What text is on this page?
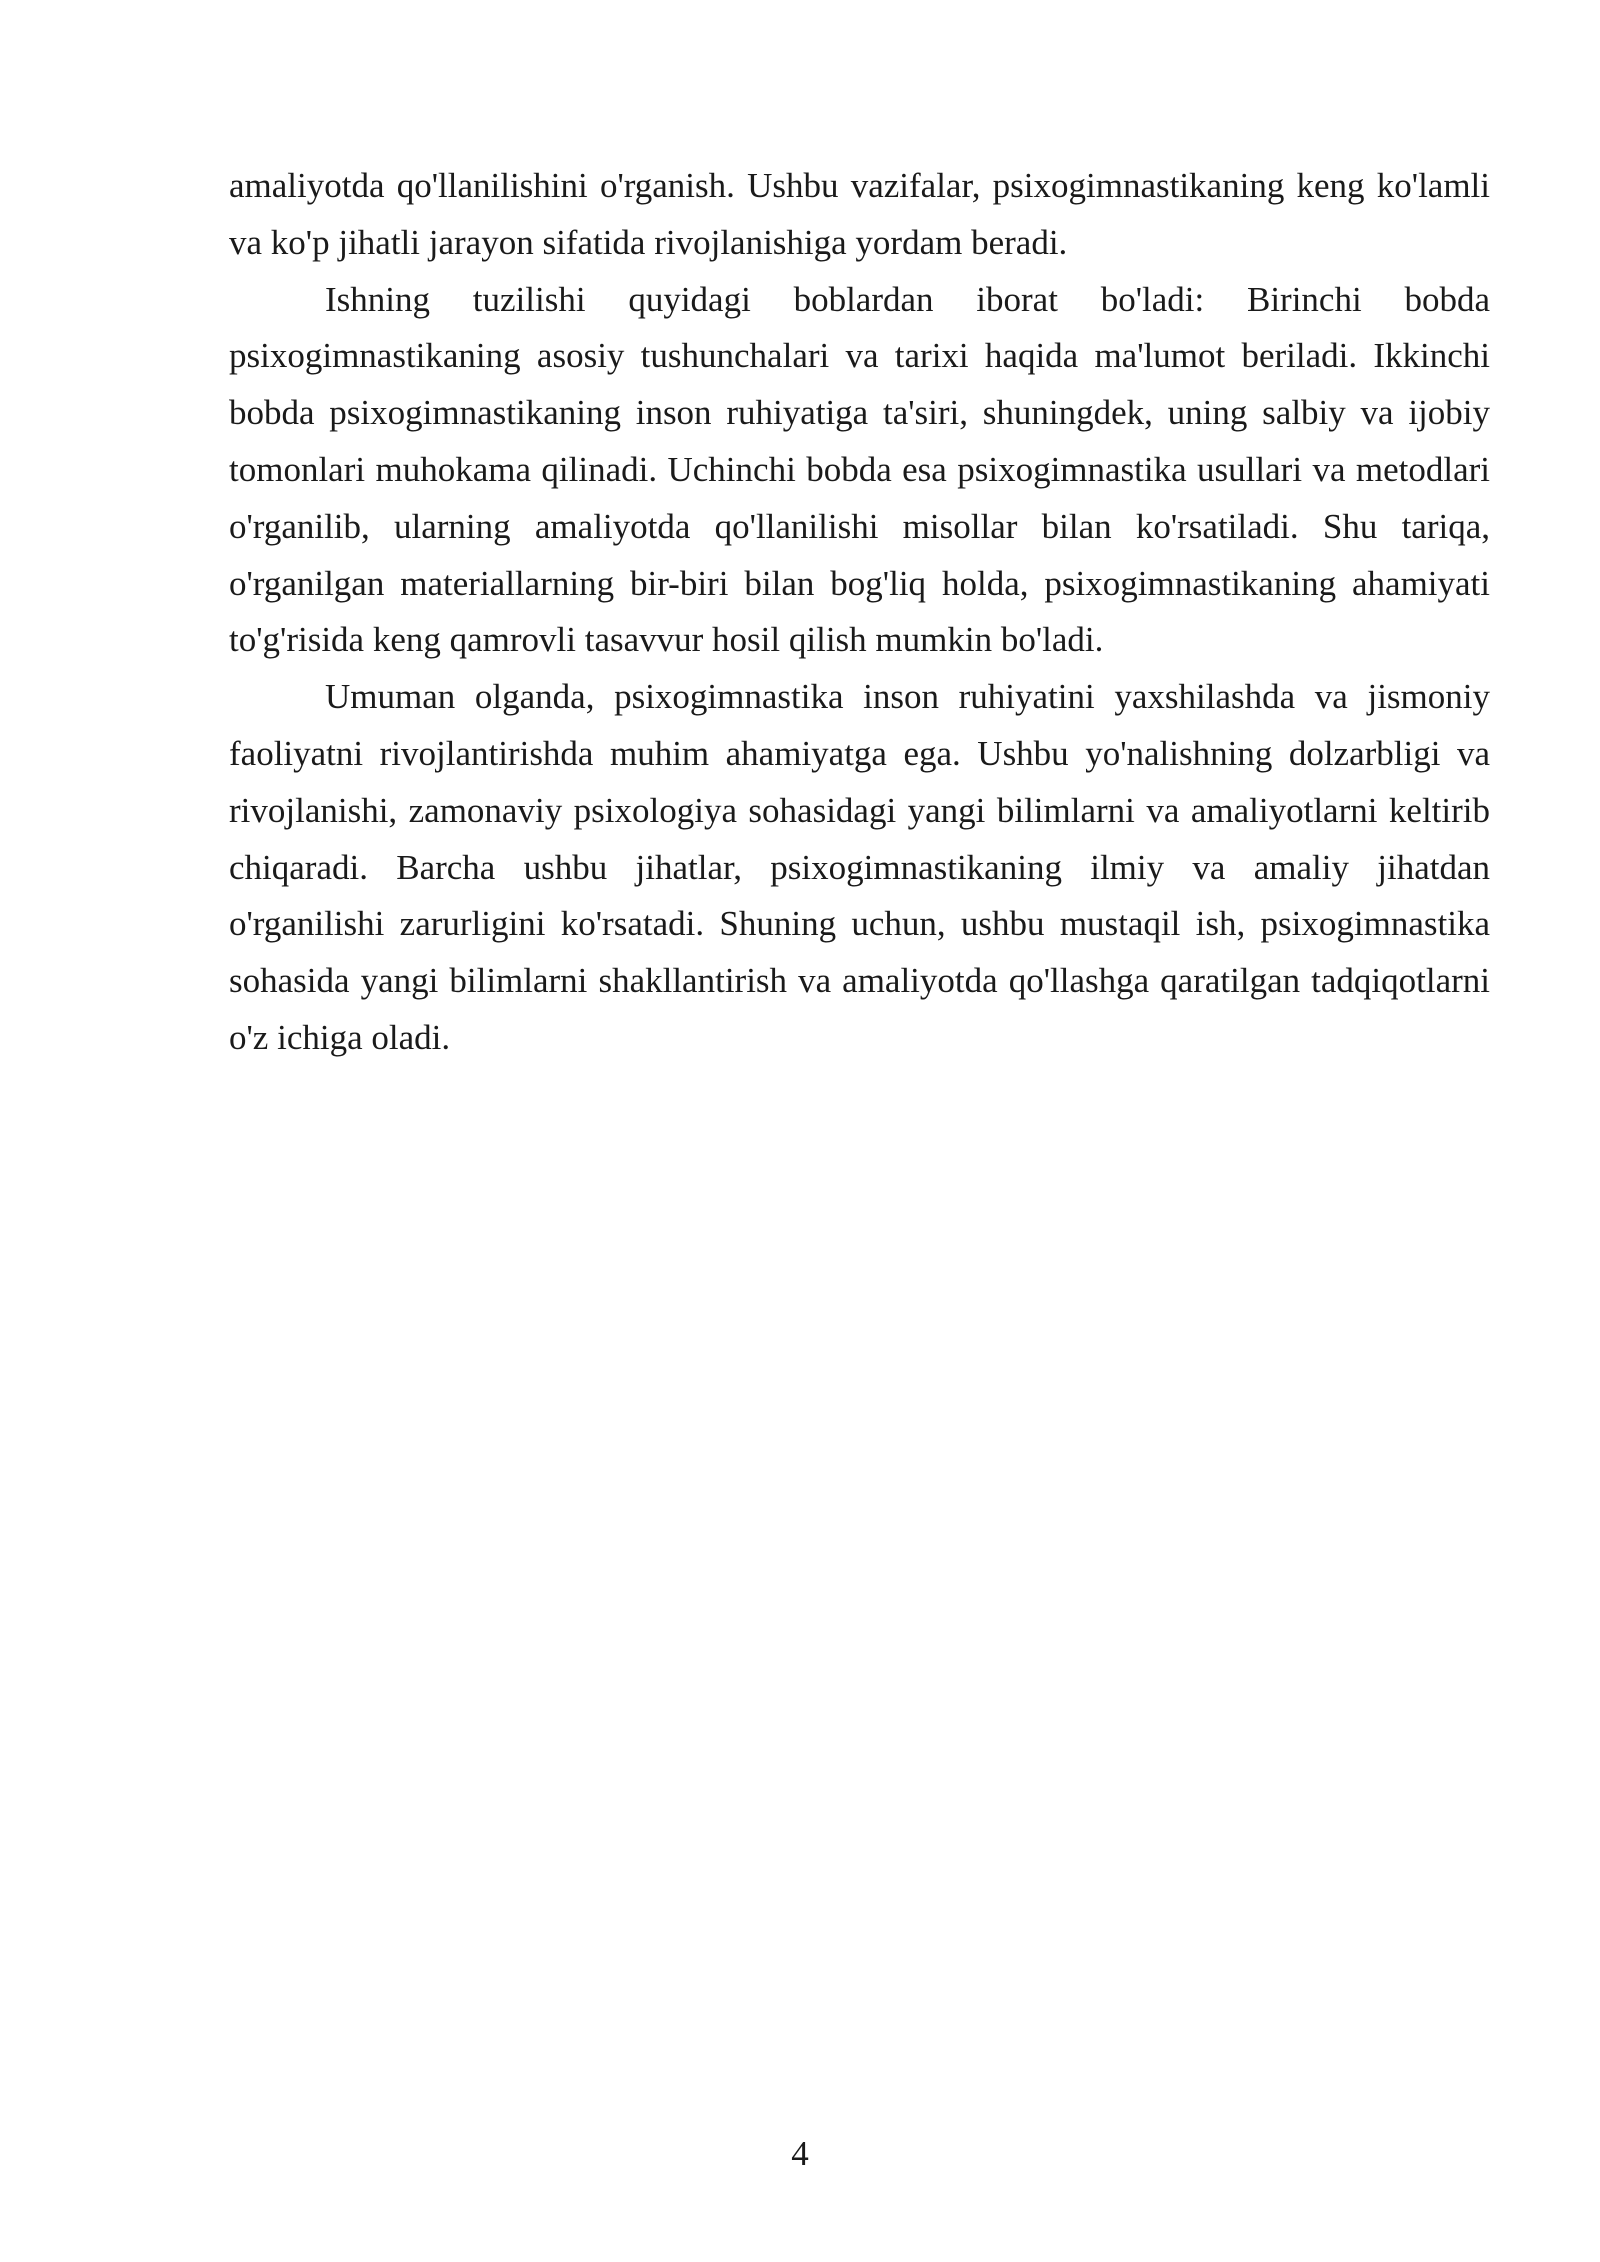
amaliyotda qo'llanilishini o'rganish. Ushbu vazifalar, psixogimnastikaning keng ko'lamli va ko'p jihatli jarayon sifatida rivojlanishiga yordam beradi.

Ishning tuzilishi quyidagi boblardan iborat bo'ladi: Birinchi bobda psixogimnastikaning asosiy tushunchalari va tarixi haqida ma'lumot beriladi. Ikkinchi bobda psixogimnastikaning inson ruhiyatiga ta'siri, shuningdek, uning salbiy va ijobiy tomonlari muhokama qilinadi. Uchinchi bobda esa psixogimnastika usullari va metodlari o'rganilib, ularning amaliyotda qo'llanilishi misollar bilan ko'rsatiladi. Shu tariqa, o'rganilgan materiallarning bir-biri bilan bog'liq holda, psixogimnastikaning ahamiyati to'g'risida keng qamrovli tasavvur hosil qilish mumkin bo'ladi.

Umuman olganda, psixogimnastika inson ruhiyatini yaxshilashda va jismoniy faoliyatni rivojlantirishda muhim ahamiyatga ega. Ushbu yo'nalishning dolzarbligi va rivojlanishi, zamonaviy psixologiya sohasidagi yangi bilimlarni va amaliyotlarni keltirib chiqaradi. Barcha ushbu jihatlar, psixogimnastikaning ilmiy va amaliy jihatdan o'rganilishi zarurligini ko'rsatadi. Shuning uchun, ushbu mustaqil ish, psixogimnastika sohasida yangi bilimlarni shakllantirish va amaliyotda qo'llashga qaratilgan tadqiqotlarni o'z ichiga oladi.

4
